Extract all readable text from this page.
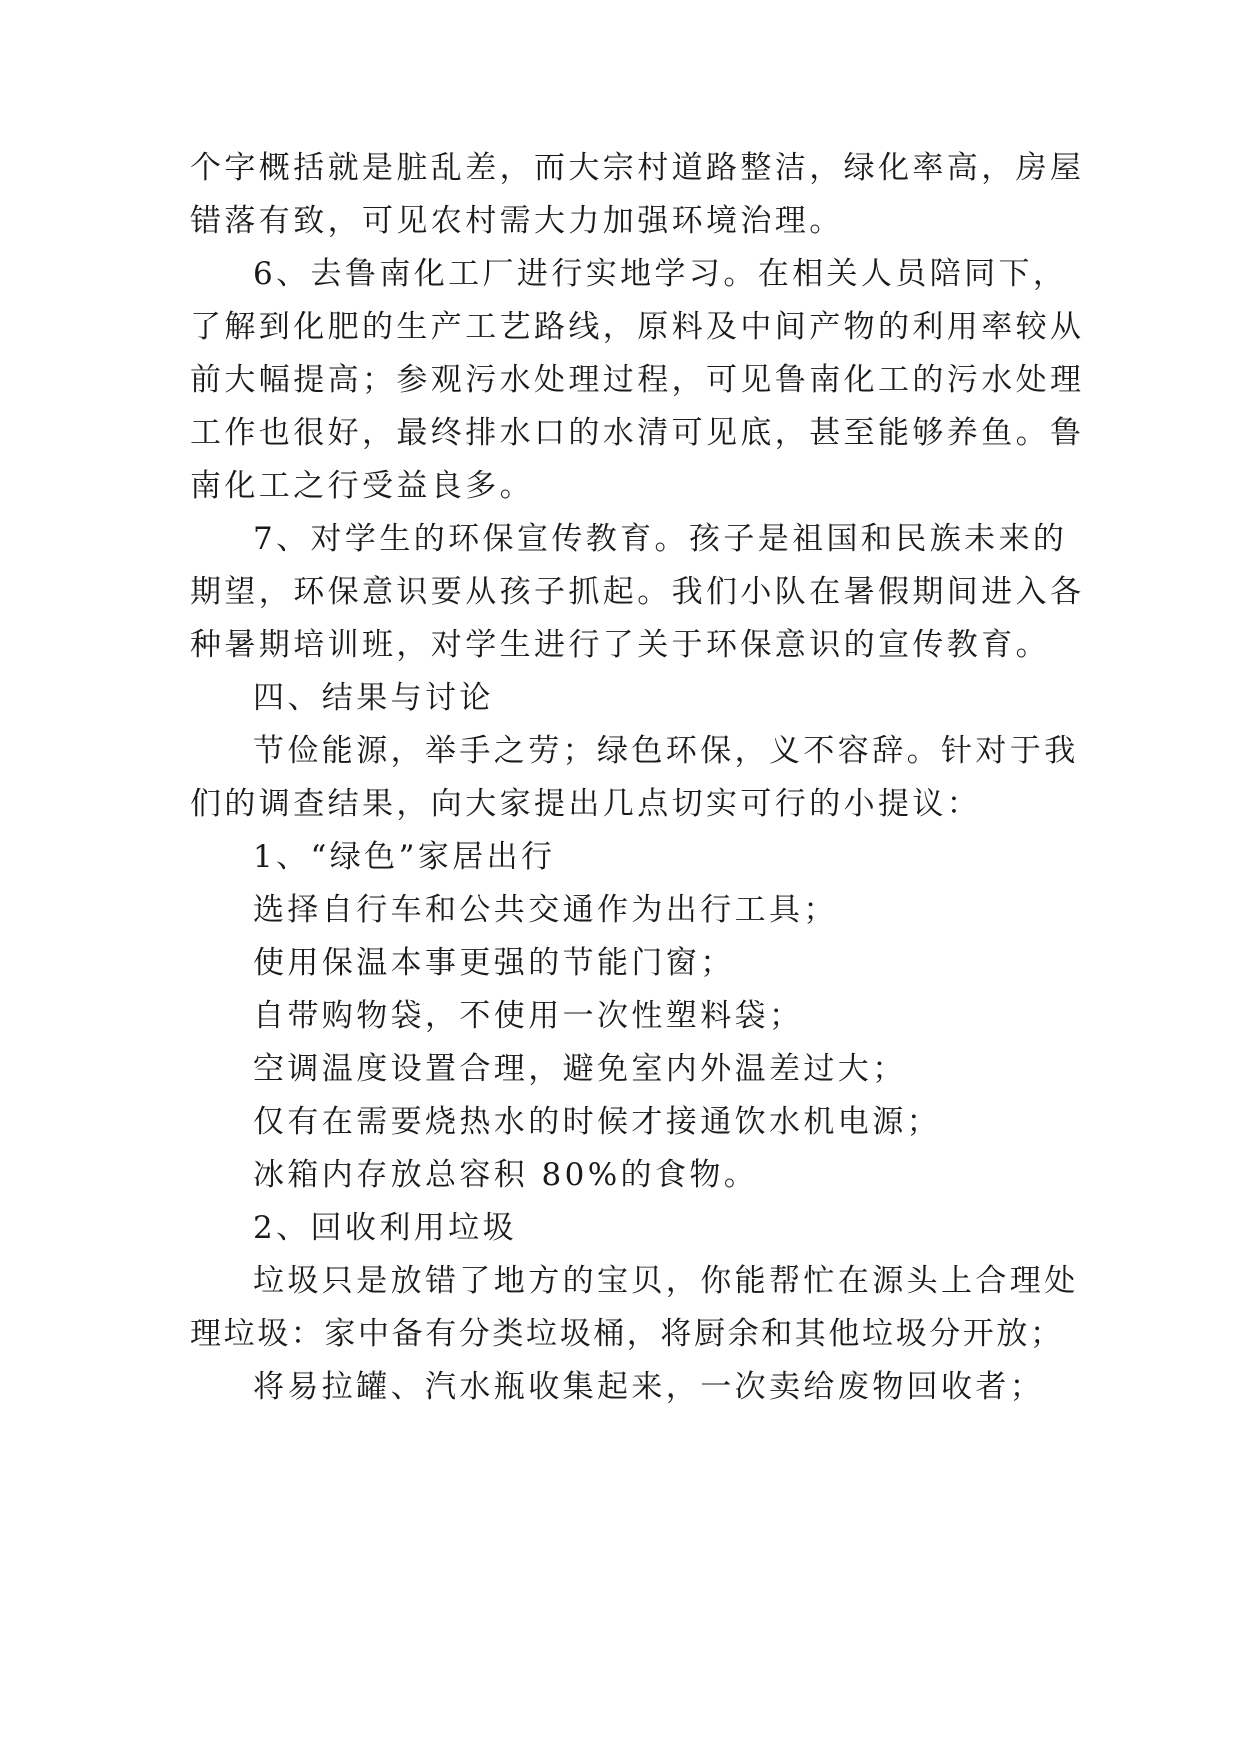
个字概括就是脏乱差，而大宗村道路整洁，绿化率高，房屋
错落有致，可见农村需大力加强环境治理。
6、去鲁南化工厂进行实地学习。在相关人员陪同下，
了解到化肥的生产工艺路线，原料及中间产物的利用率较从
前大幅提高；参观污水处理过程，可见鲁南化工的污水处理
工作也很好，最终排水口的水清可见底，甚至能够养鱼。鲁
南化工之行受益良多。
7、对学生的环保宣传教育。孩子是祖国和民族未来的
期望，环保意识要从孩子抓起。我们小队在暑假期间进入各
种暑期培训班，对学生进行了关于环保意识的宣传教育。
四、结果与讨论
节俭能源，举手之劳；绿色环保，义不容辞。针对于我
们的调查结果，向大家提出几点切实可行的小提议：
1、“绿色”家居出行
选择自行车和公共交通作为出行工具；
使用保温本事更强的节能门窗；
自带购物袋，不使用一次性塑料袋；
空调温度设置合理，避免室内外温差过大；
仅有在需要烧热水的时候才接通饮水机电源；
冰箱内存放总容积 80%的食物。
2、回收利用垃圾
垃圾只是放错了地方的宝贝，你能帮忙在源头上合理处
理垃圾：家中备有分类垃圾桶，将厨余和其他垃圾分开放；
将易拉罐、汽水瓶收集起来，一次卖给废物回收者；
